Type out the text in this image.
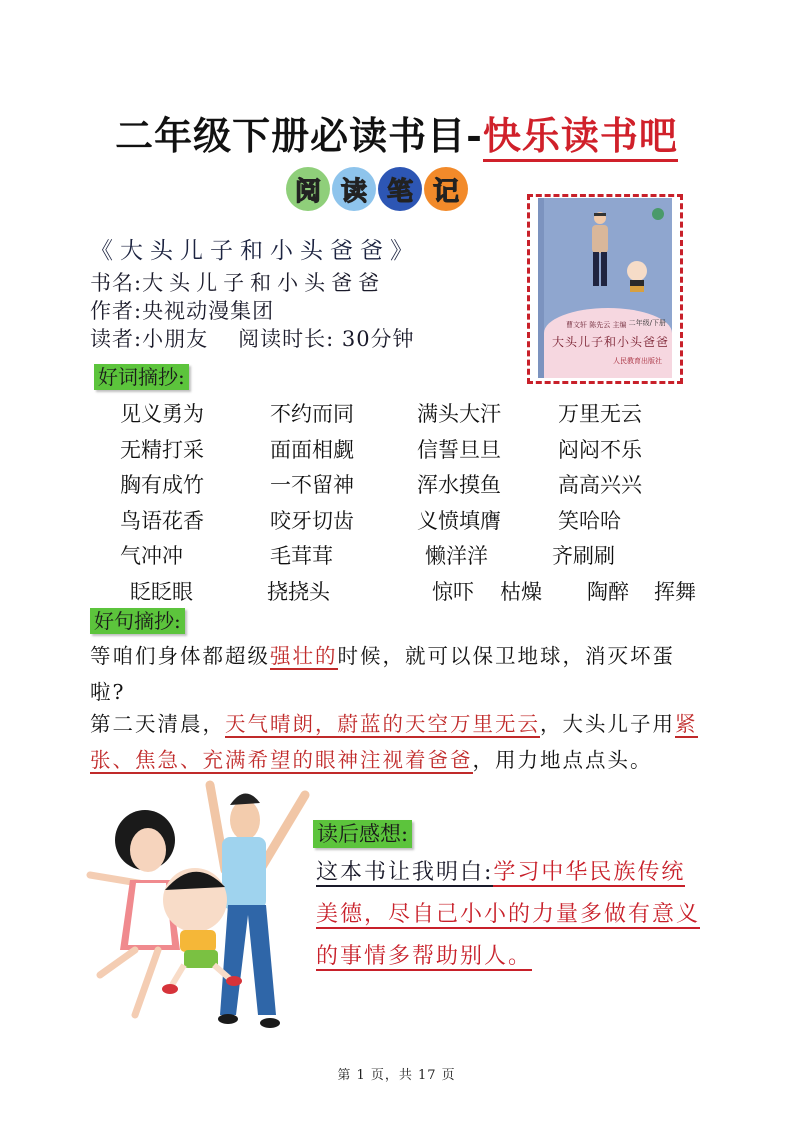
二年级下册必读书目-快乐读书吧
阅 读 笔 记
曹文轩 陈先云 主编 二年级/下册
大头儿子和小头爸爸
人民教育出版社
《大头儿子和小头爸爸》
书名:大头儿子和小头爸爸
作者:央视动漫集团
读者:小朋友 阅读时长: 30分钟
好词摘抄:
见义勇为	不约而同	满头大汗	万里无云
无精打采	面面相觑	信誓旦旦	闷闷不乐
胸有成竹	一不留神	浑水摸鱼	高高兴兴
鸟语花香	咬牙切齿	义愤填膺	笑哈哈
气冲冲	毛茸茸	懒洋洋	齐刷刷
眨眨眼	挠挠头	惊吓 枯燥 陶醉 挥舞
好句摘抄:
等咱们身体都超级强壮的时候，就可以保卫地球，消灭坏蛋啦?
第二天清晨，天气晴朗，蔚蓝的天空万里无云，大头儿子用紧张、焦急、充满希望的眼神注视着爸爸，用力地点点头。
读后感想:
这本书让我明白:学习中华民族传统美德，尽自己小小的力量多做有意义的事情多帮助别人。
第 1 页，共 17 页
